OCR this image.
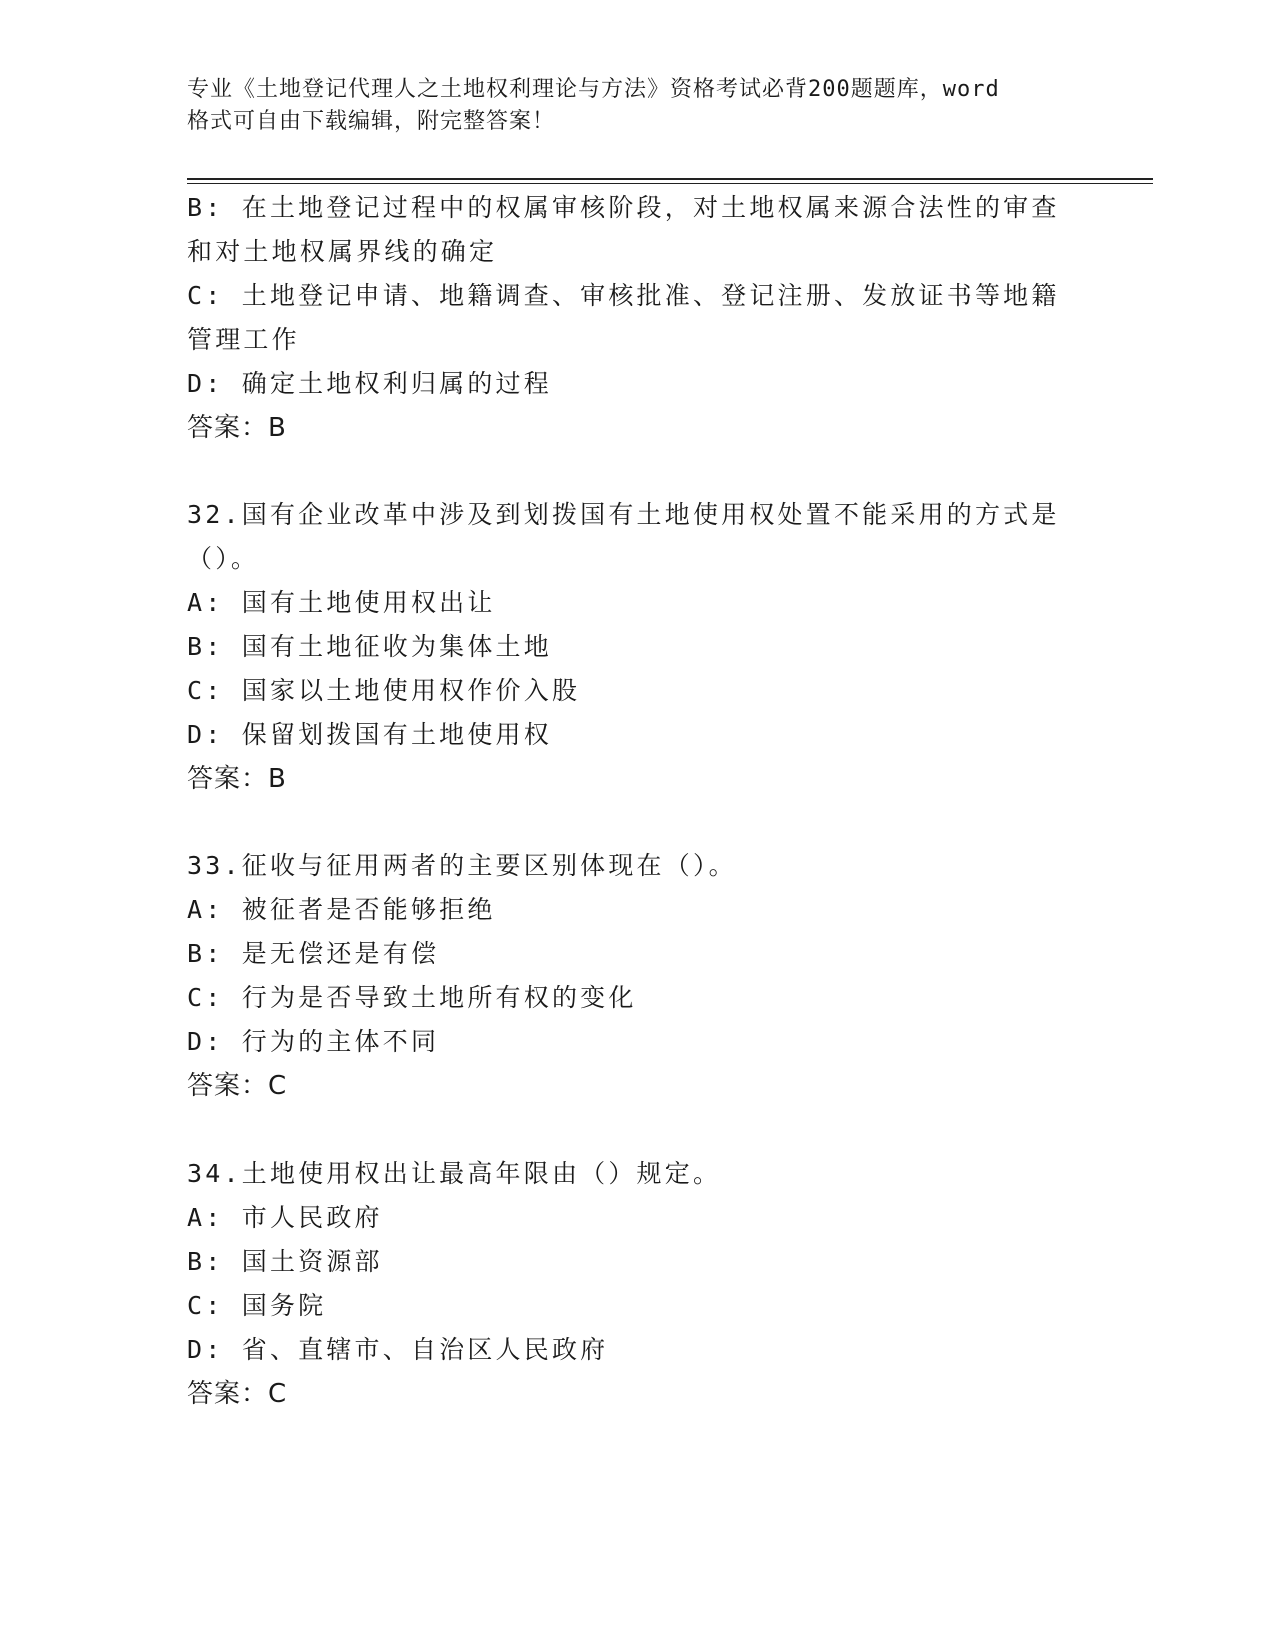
专业《土地登记代理人之土地权利理论与方法》资格考试必背200题题库，word
格式可自由下载编辑，附完整答案！
B: 在土地登记过程中的权属审核阶段，对土地权属来源合法性的审查
和对土地权属界线的确定
C: 土地登记申请、地籍调查、审核批准、登记注册、发放证书等地籍
管理工作
D: 确定土地权利归属的过程
答案：B
32.国有企业改革中涉及到划拨国有土地使用权处置不能采用的方式是
（）。
A: 国有土地使用权出让
B: 国有土地征收为集体土地
C: 国家以土地使用权作价入股
D: 保留划拨国有土地使用权
答案：B
33.征收与征用两者的主要区别体现在（）。
A: 被征者是否能够拒绝
B: 是无偿还是有偿
C: 行为是否导致土地所有权的变化
D: 行为的主体不同
答案：C
34.土地使用权出让最高年限由（）规定。
A: 市人民政府
B: 国土资源部
C: 国务院
D: 省、直辖市、自治区人民政府
答案：C
